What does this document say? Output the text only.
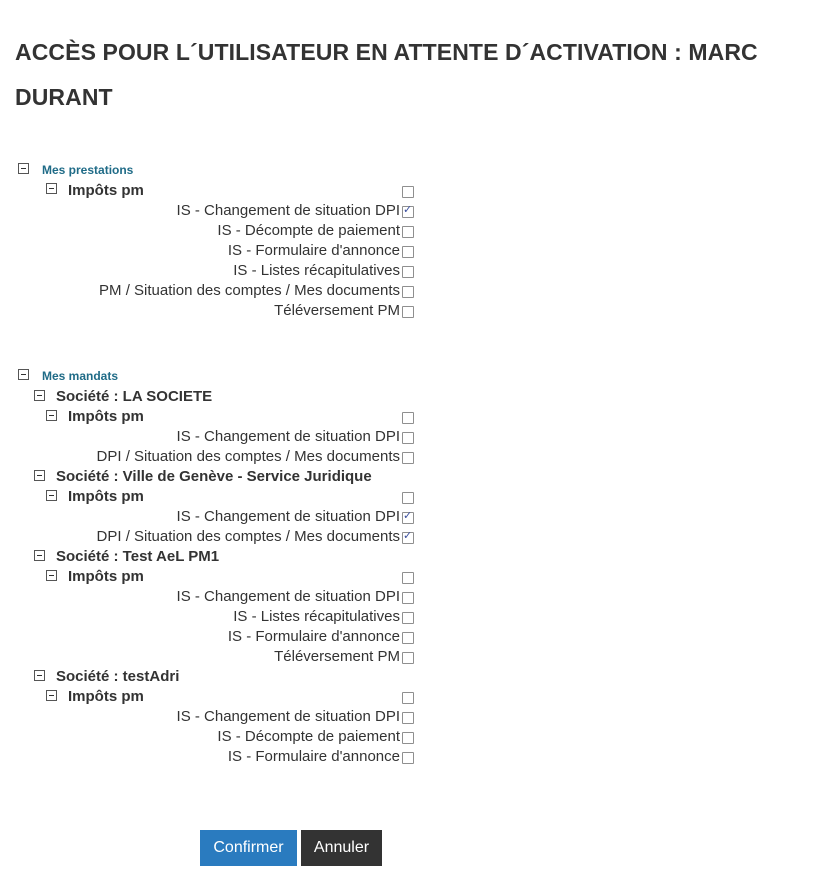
ACCÈS POUR L´UTILISATEUR EN ATTENTE D´ACTIVATION : MARC DURANT
Mes prestations
Impôts pm
IS - Changement de situation DPI
✓
IS - Décompte de paiement
IS - Formulaire d'annonce
IS - Listes récapitulatives
PM / Situation des comptes / Mes documents
Téléversement PM
Mes mandats
Société : LA SOCIETE
Impôts pm
IS - Changement de situation DPI
DPI / Situation des comptes / Mes documents
Société : Ville de Genève - Service Juridique
Impôts pm
IS - Changement de situation DPI
✓
DPI / Situation des comptes / Mes documents
✓
Société : Test AeL PM1
Impôts pm
IS - Changement de situation DPI
IS - Listes récapitulatives
IS - Formulaire d'annonce
Téléversement PM
Société : testAdri
Impôts pm
IS - Changement de situation DPI
IS - Décompte de paiement
IS - Formulaire d'annonce
Confirmer	Annuler
